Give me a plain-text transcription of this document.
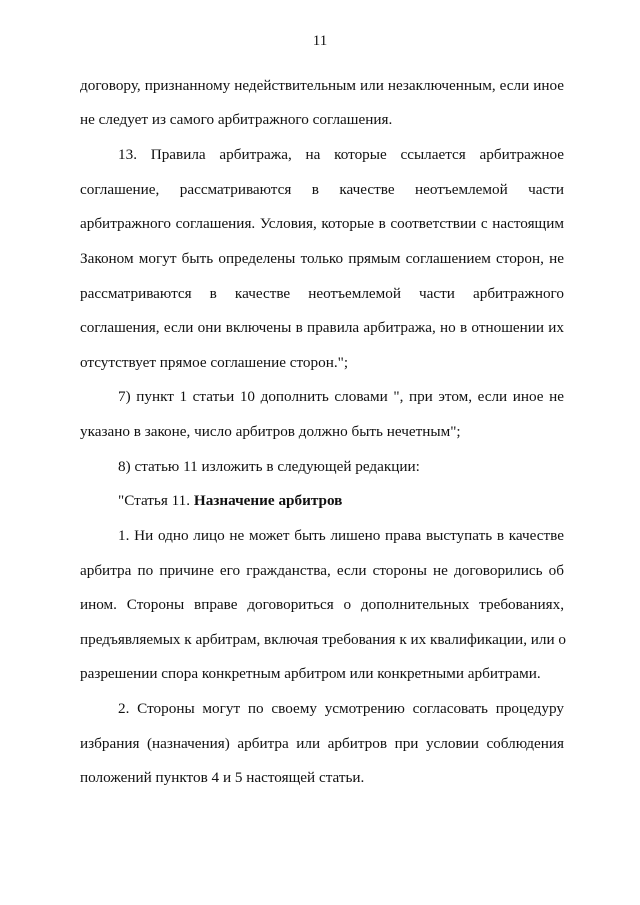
11
договору, признанному недействительным или незаключенным, если иное
не следует из самого арбитражного соглашения.
13. Правила арбитража, на которые ссылается арбитражное
соглашение, рассматриваются в качестве неотъемлемой части
арбитражного соглашения. Условия, которые в соответствии с настоящим
Законом могут быть определены только прямым соглашением сторон, не
рассматриваются в качестве неотъемлемой части арбитражного
соглашения, если они включены в правила арбитража, но в отношении их
отсутствует прямое соглашение сторон.";
7) пункт 1 статьи 10 дополнить словами ", при этом, если иное не
указано в законе, число арбитров должно быть нечетным";
8) статью 11 изложить в следующей редакции:
"Статья 11. Назначение арбитров
1. Ни одно лицо не может быть лишено права выступать в качестве
арбитра по причине его гражданства, если стороны не договорились об
ином. Стороны вправе договориться о дополнительных требованиях,
предъявляемых к арбитрам, включая требования к их квалификации, или о
разрешении спора конкретным арбитром или конкретными арбитрами.
2. Стороны могут по своему усмотрению согласовать процедуру
избрания (назначения) арбитра или арбитров при условии соблюдения
положений пунктов 4 и 5 настоящей статьи.
